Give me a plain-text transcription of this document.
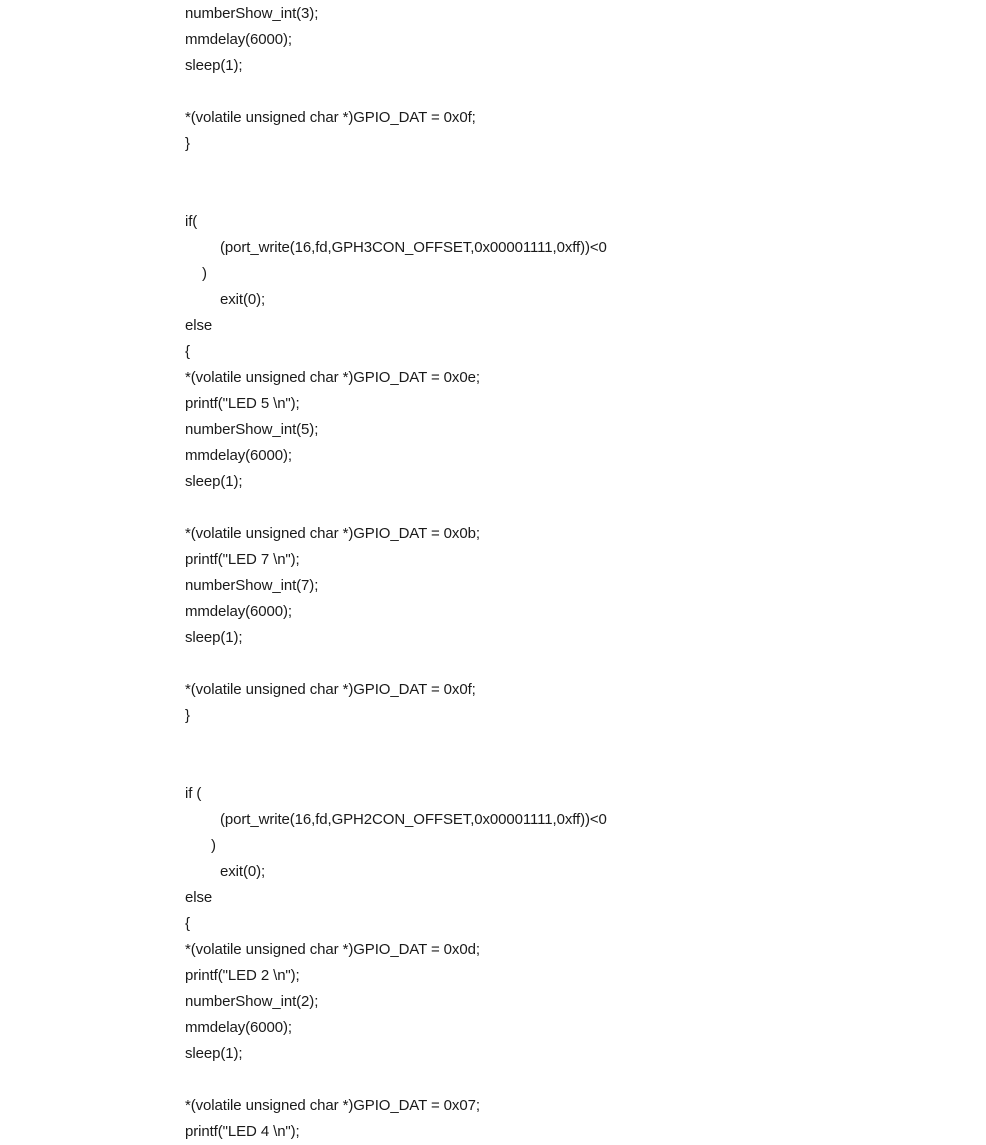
numberShow_int(3);
mmdelay(6000);
sleep(1);
*(volatile unsigned char *)GPIO_DAT = 0x0f;
}
if(
(port_write(16,fd,GPH3CON_OFFSET,0x00001111,0xff))<0
)
exit(0);
else
{
*(volatile unsigned char *)GPIO_DAT = 0x0e;
printf("LED 5 \n");
numberShow_int(5);
mmdelay(6000);
sleep(1);
*(volatile unsigned char *)GPIO_DAT = 0x0b;
printf("LED 7 \n");
numberShow_int(7);
mmdelay(6000);
sleep(1);
*(volatile unsigned char *)GPIO_DAT = 0x0f;
}
if (
(port_write(16,fd,GPH2CON_OFFSET,0x00001111,0xff))<0
)
exit(0);
else
{
*(volatile unsigned char *)GPIO_DAT = 0x0d;
printf("LED 2 \n");
numberShow_int(2);
mmdelay(6000);
sleep(1);
*(volatile unsigned char *)GPIO_DAT = 0x07;
printf("LED 4 \n");
